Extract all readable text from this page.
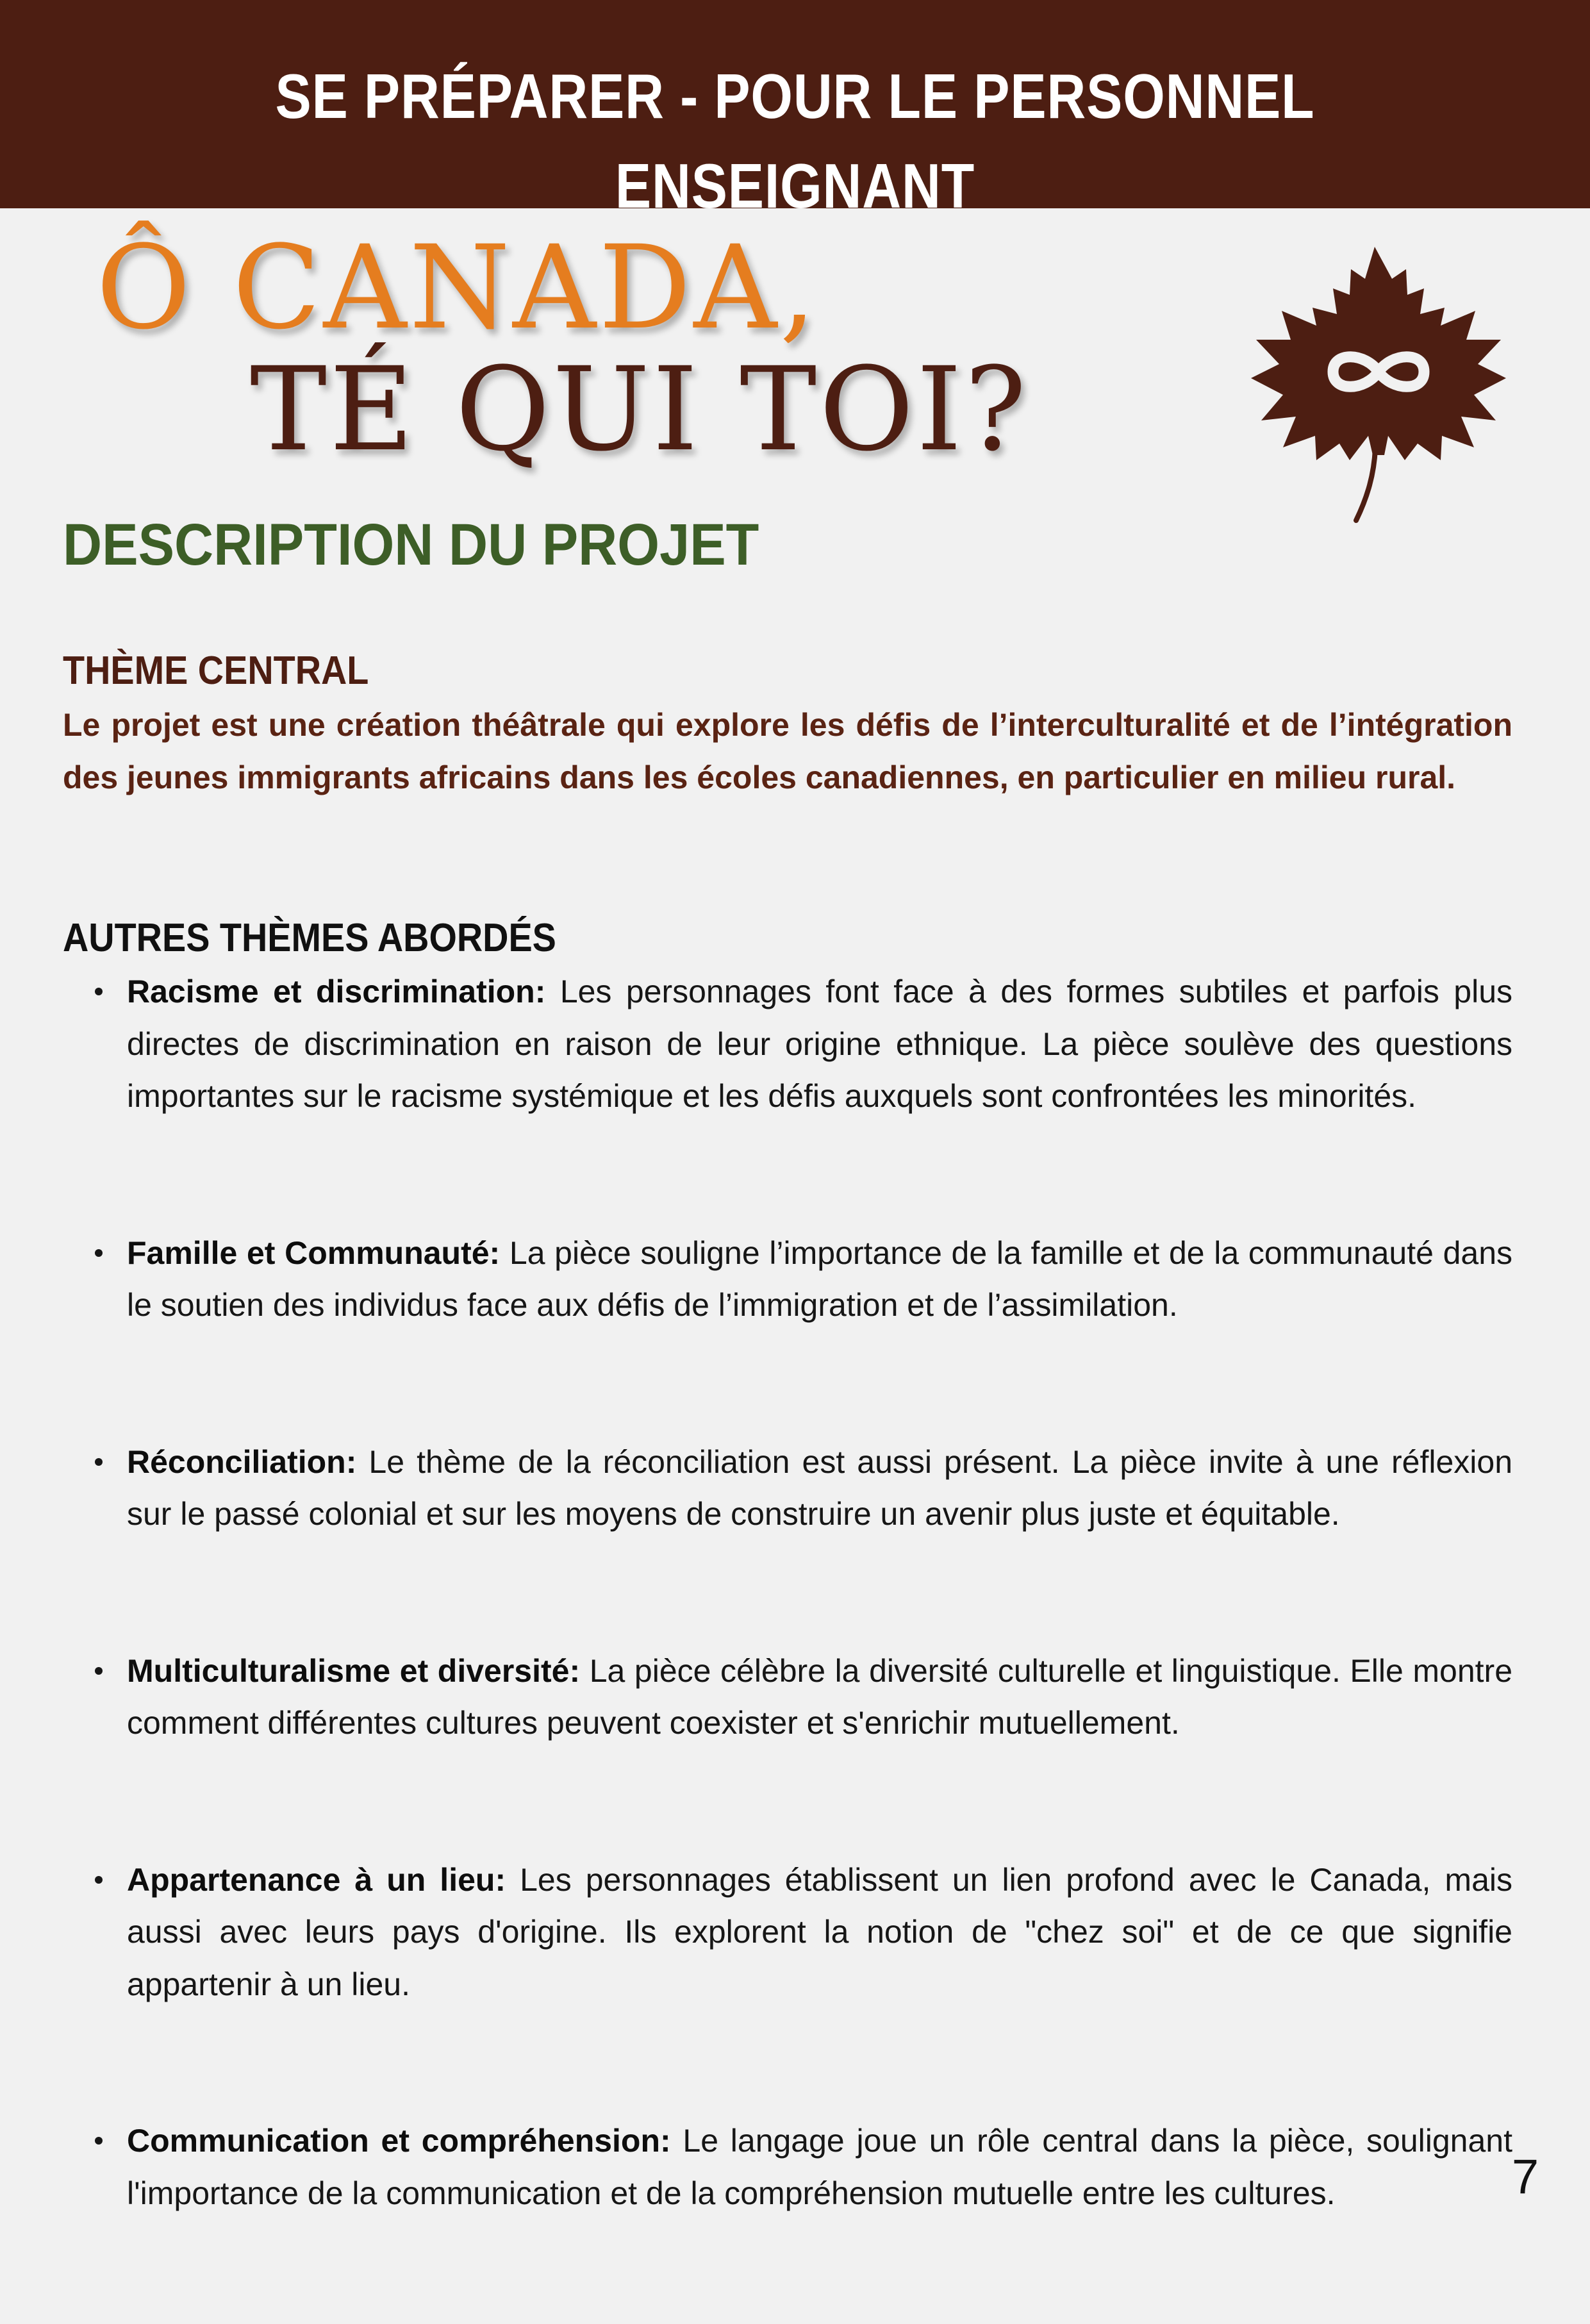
SE PRÉPARER - POUR LE PERSONNEL ENSEIGNANT
Ô CANADA,
TÉ QUI TOI?
DESCRIPTION DU PROJET
THÈME CENTRAL
Le projet est une création théâtrale qui explore les défis de l’interculturalité et de l’intégration des jeunes immigrants africains dans les écoles canadiennes, en particulier en milieu rural.
AUTRES THÈMES ABORDÉS
Racisme et discrimination: Les personnages font face à des formes subtiles et parfois plus directes de discrimination en raison de leur origine ethnique. La pièce soulève des questions importantes sur le racisme systémique et les défis auxquels sont confrontées les minorités.
Famille et Communauté: La pièce souligne l’importance de la famille et de la communauté dans le soutien des individus face aux défis de l’immigration et de l’assimilation.
Réconciliation: Le thème de la réconciliation est aussi présent. La pièce invite à une réflexion sur le passé colonial et sur les moyens de construire un avenir plus juste et équitable.
Multiculturalisme et diversité: La pièce célèbre la diversité culturelle et linguistique. Elle montre comment différentes cultures peuvent coexister et s'enrichir mutuellement.
Appartenance à un lieu: Les personnages établissent un lien profond avec le Canada, mais aussi avec leurs pays d'origine. Ils explorent la notion de "chez soi" et de ce que signifie appartenir à un lieu.
Communication et compréhension: Le langage joue un rôle central dans la pièce, soulignant l'importance de la communication et de la compréhension mutuelle entre les cultures.	7
